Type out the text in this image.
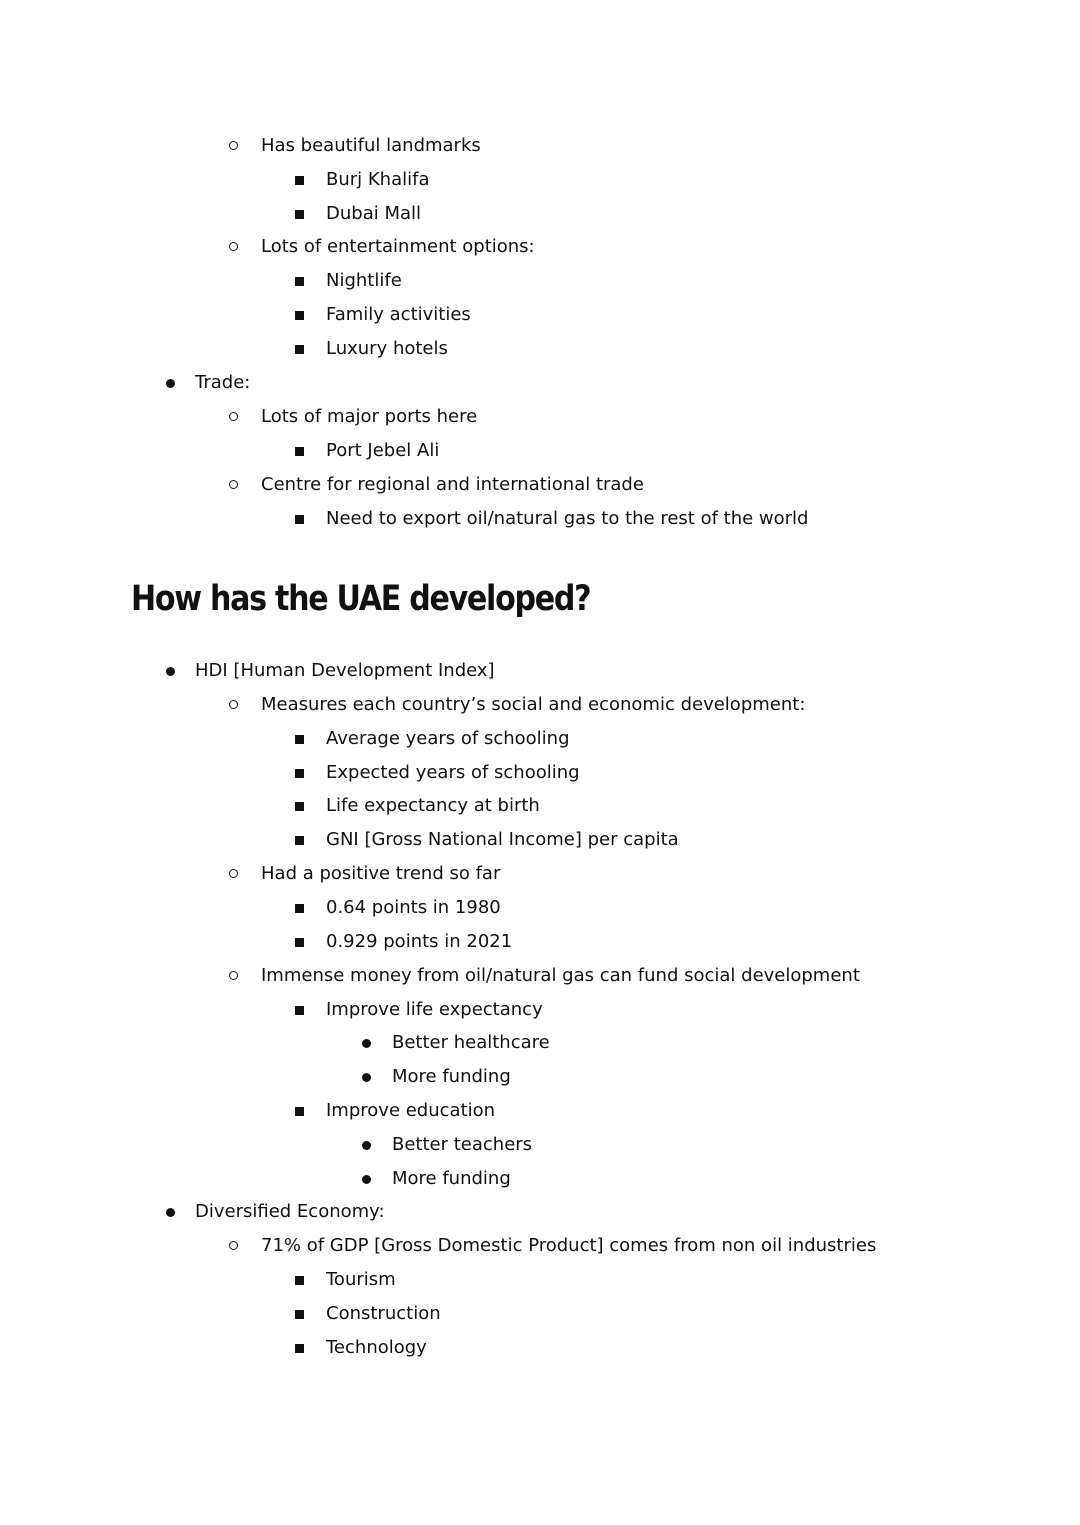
Has beautiful landmarks
Burj Khalifa
Dubai Mall
Lots of entertainment options:
Nightlife
Family activities
Luxury hotels
Trade:
Lots of major ports here
Port Jebel Ali
Centre for regional and international trade
Need to export oil/natural gas to the rest of the world
How has the UAE developed?
HDI [Human Development Index]
Measures each country’s social and economic development:
Average years of schooling
Expected years of schooling
Life expectancy at birth
GNI [Gross National Income] per capita
Had a positive trend so far
0.64 points in 1980
0.929 points in 2021
Immense money from oil/natural gas can fund social development
Improve life expectancy
Better healthcare
More funding
Improve education
Better teachers
More funding
Diversified Economy:
71% of GDP [Gross Domestic Product] comes from non oil industries
Tourism
Construction
Technology
